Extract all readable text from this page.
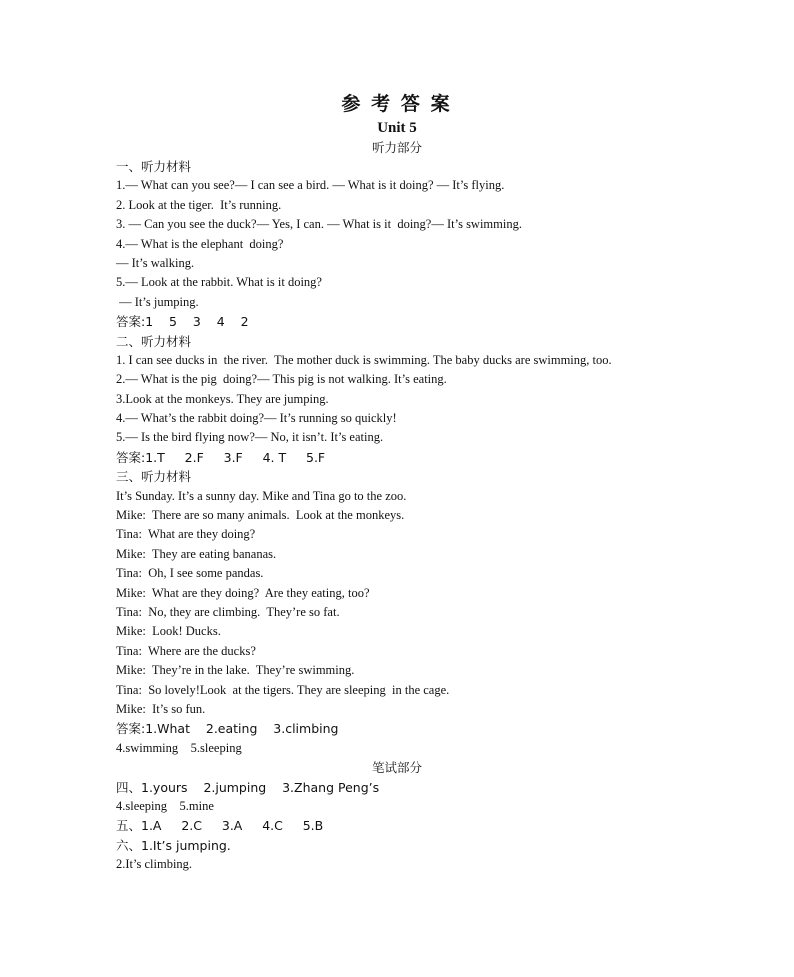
参 考 答 案
Unit 5
听力部分
一、听力材料
1.— What can you see?— I can see a bird. — What is it doing? — It’s flying.
2. Look at the tiger.  It’s running.
3. — Can you see the duck?— Yes, I can. — What is it  doing?— It’s swimming.
4.— What is the elephant  doing?
— It’s walking.
5.— Look at the rabbit. What is it doing?
— It’s jumping.
答案:1    5    3    4    2
二、听力材料
1. I can see ducks in  the river.  The mother duck is swimming. The baby ducks are swimming, too.
2.— What is the pig  doing?— This pig is not walking. It’s eating.
3.Look at the monkeys. They are jumping.
4.— What’s the rabbit doing?— It’s running so quickly!
5.— Is the bird flying now?— No, it isn’t. It’s eating.
答案:1.T     2.F     3.F     4. T     5.F
三、听力材料
It’s Sunday. It’s a sunny day. Mike and Tina go to the zoo.
Mike:  There are so many animals.  Look at the monkeys.
Tina:  What are they doing?
Mike:  They are eating bananas.
Tina:  Oh, I see some pandas.
Mike:  What are they doing?  Are they eating, too?
Tina:  No, they are climbing.  They’re so fat.
Mike:  Look! Ducks.
Tina:  Where are the ducks?
Mike:  They’re in the lake.  They’re swimming.
Tina:  So lovely!Look  at the tigers. They are sleeping  in the cage.
Mike:  It’s so fun.
答案:1.What    2.eating    3.climbing
4.swimming    5.sleeping
笔试部分
四、1.yours    2.jumping    3.Zhang Peng’s
4.sleeping    5.mine
五、1.A     2.C     3.A     4.C     5.B
六、1.It’s jumping.
2.It’s climbing.
